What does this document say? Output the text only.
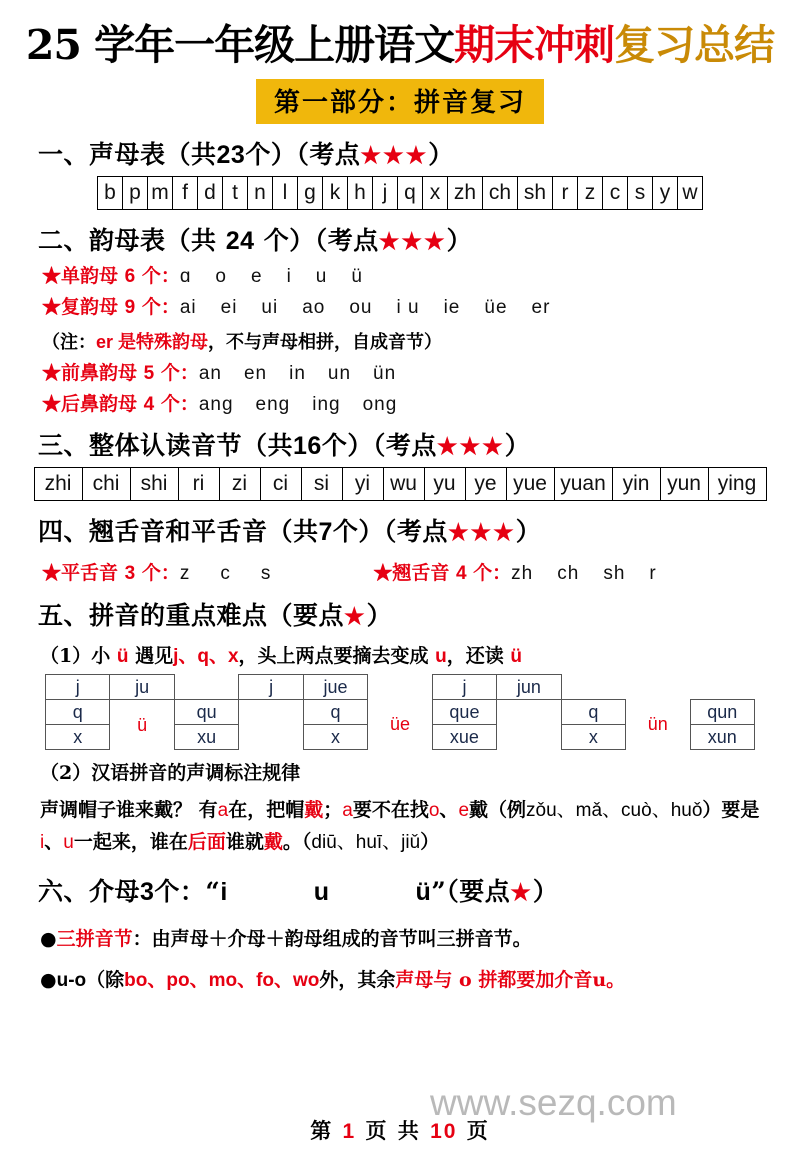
www.sezq.com
25 学年一年级上册语文期末冲刺复习总结
第一部分：拼音复习
一、声母表（共23个）（考点★★★）
b	p	m	f	d	t	n	l	g	k	h	j	q	x	zh	ch	sh	r	z	c	s	y	w
二、韵母表（共 24 个）（考点★★★）
★单韵母 6 个：ɑ o e i u ü
★复韵母 9 个：ai ei ui ao ou i u ie üe er
（注：er 是特殊韵母，不与声母相拼，自成音节）
★前鼻韵母 5 个：an en in un ün
★后鼻韵母 4 个：ang eng ing ong
三、整体认读音节（共16个）（考点★★★）
zhi	chi	shi	ri	zi	ci	si	yi	wu	yu	ye	yue	yuan	yin	yun	ying
四、翘舌音和平舌音（共7个）（考点★★★）
★平舌音 3 个：z c s	★翘舌音 4 个：zh ch sh r
五、拼音的重点难点（要点★）
（1）小 ü 遇见j、q、x，头上两点要摘去变成 u，还读 ü
j	ju		j	jue		j	jun			
q	ü	qu		q	üe	que		q	ün	qun
x		xu		x		xue		x		xun
（2）汉语拼音的声调标注规律
声调帽子谁来戴？ 有a在，把帽戴；a要不在找o、e戴（例zǒu、mǎ、cuò、huǒ）要是i、u一起来，谁在后面谁就戴。（diū、huī、jiǔ）
六、介母3个：“i	u	ü”（要点★）
●三拼音节：由声母＋介母＋韵母组成的音节叫三拼音节。
●u-o（除bo、po、mo、fo、wo外，其余声母与 o 拼都要加介音u。
第 1 页 共 10 页
